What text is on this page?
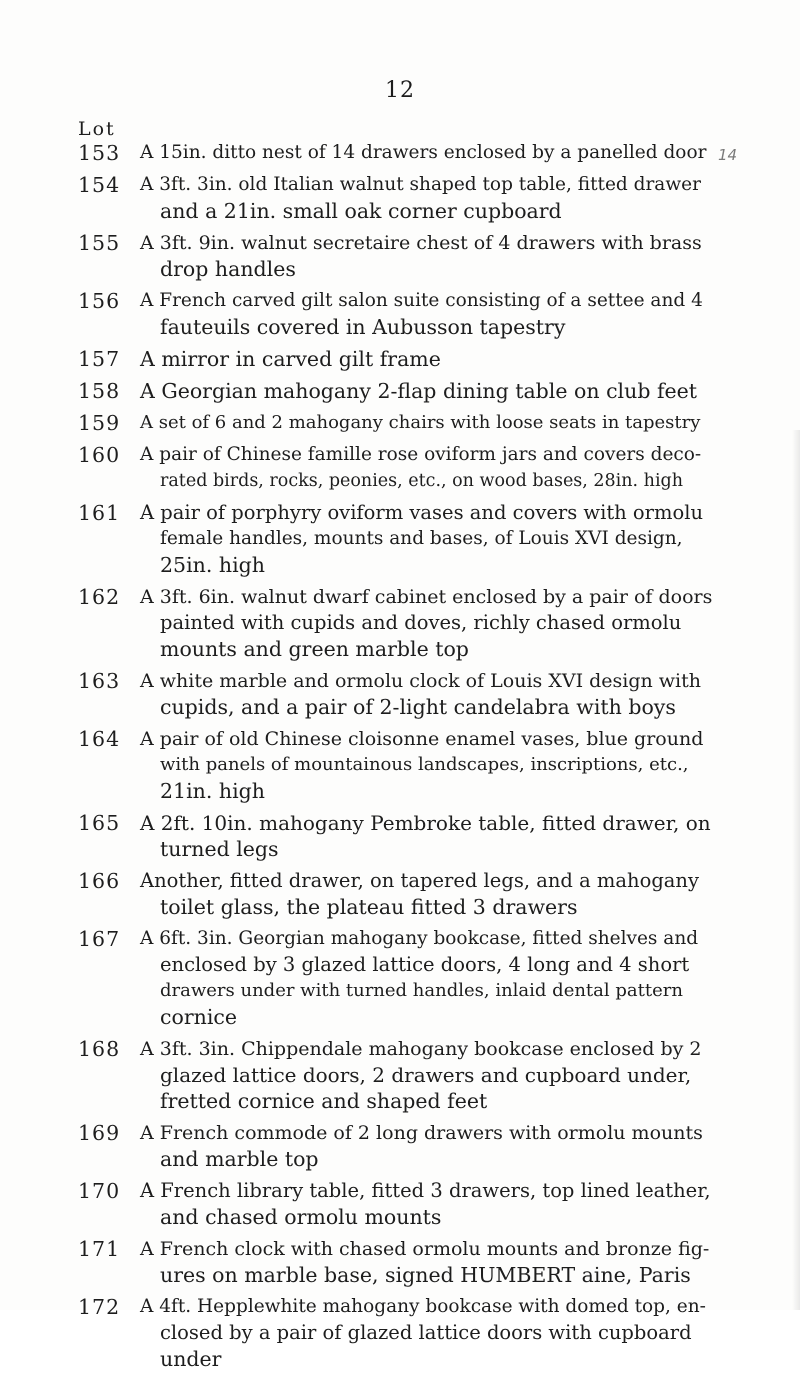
12
Lot
153	A 15in. ditto nest of 14 drawers enclosed by a panelled door 14
154	A 3ft. 3in. old Italian walnut shaped top table, fitted drawer
and a 21in. small oak corner cupboard
155	A 3ft. 9in. walnut secretaire chest of 4 drawers with brass
drop handles
156	A French carved gilt salon suite consisting of a settee and 4
fauteuils covered in Aubusson tapestry
157 A mirror in carved gilt frame
158 A Georgian mahogany 2-flap dining table on club feet
159	A set of 6 and 2 mahogany chairs with loose seats in tapestry
160	A pair of Chinese famille rose oviform jars and covers deco-
rated birds, rocks, peonies, etc., on wood bases, 28in. high
161	A pair of porphyry oviform vases and covers with ormolu
female handles, mounts and bases, of Louis XVI design,
25in. high
162	A 3ft. 6in. walnut dwarf cabinet enclosed by a pair of doors
painted with cupids and doves, richly chased ormolu
mounts and green marble top
163	A white marble and ormolu clock of Louis XVI design with
cupids, and a pair of 2-light candelabra with boys
164	A pair of old Chinese cloisonne enamel vases, blue ground
with panels of mountainous landscapes, inscriptions, etc.,
21in. high
165 A 2ft. 10in. mahogany Pembroke table, fitted drawer, on
turned legs
166	Another, fitted drawer, on tapered legs, and a mahogany
toilet glass, the plateau fitted 3 drawers
167	A 6ft. 3in. Georgian mahogany bookcase, fitted shelves and
enclosed by 3 glazed lattice doors, 4 long and 4 short
drawers under with turned handles, inlaid dental pattern
cornice
168	A 3ft. 3in. Chippendale mahogany bookcase enclosed by 2
glazed lattice doors, 2 drawers and cupboard under,
fretted cornice and shaped feet
169	A French commode of 2 long drawers with ormolu mounts
and marble top
170	A French library table, fitted 3 drawers, top lined leather,
and chased ormolu mounts
171	A French clock with chased ormolu mounts and bronze fig-
ures on marble base, signed HUMBERT aine, Paris
172	A 4ft. Hepplewhite mahogany bookcase with domed top, en-
closed by a pair of glazed lattice doors with cupboard
under
